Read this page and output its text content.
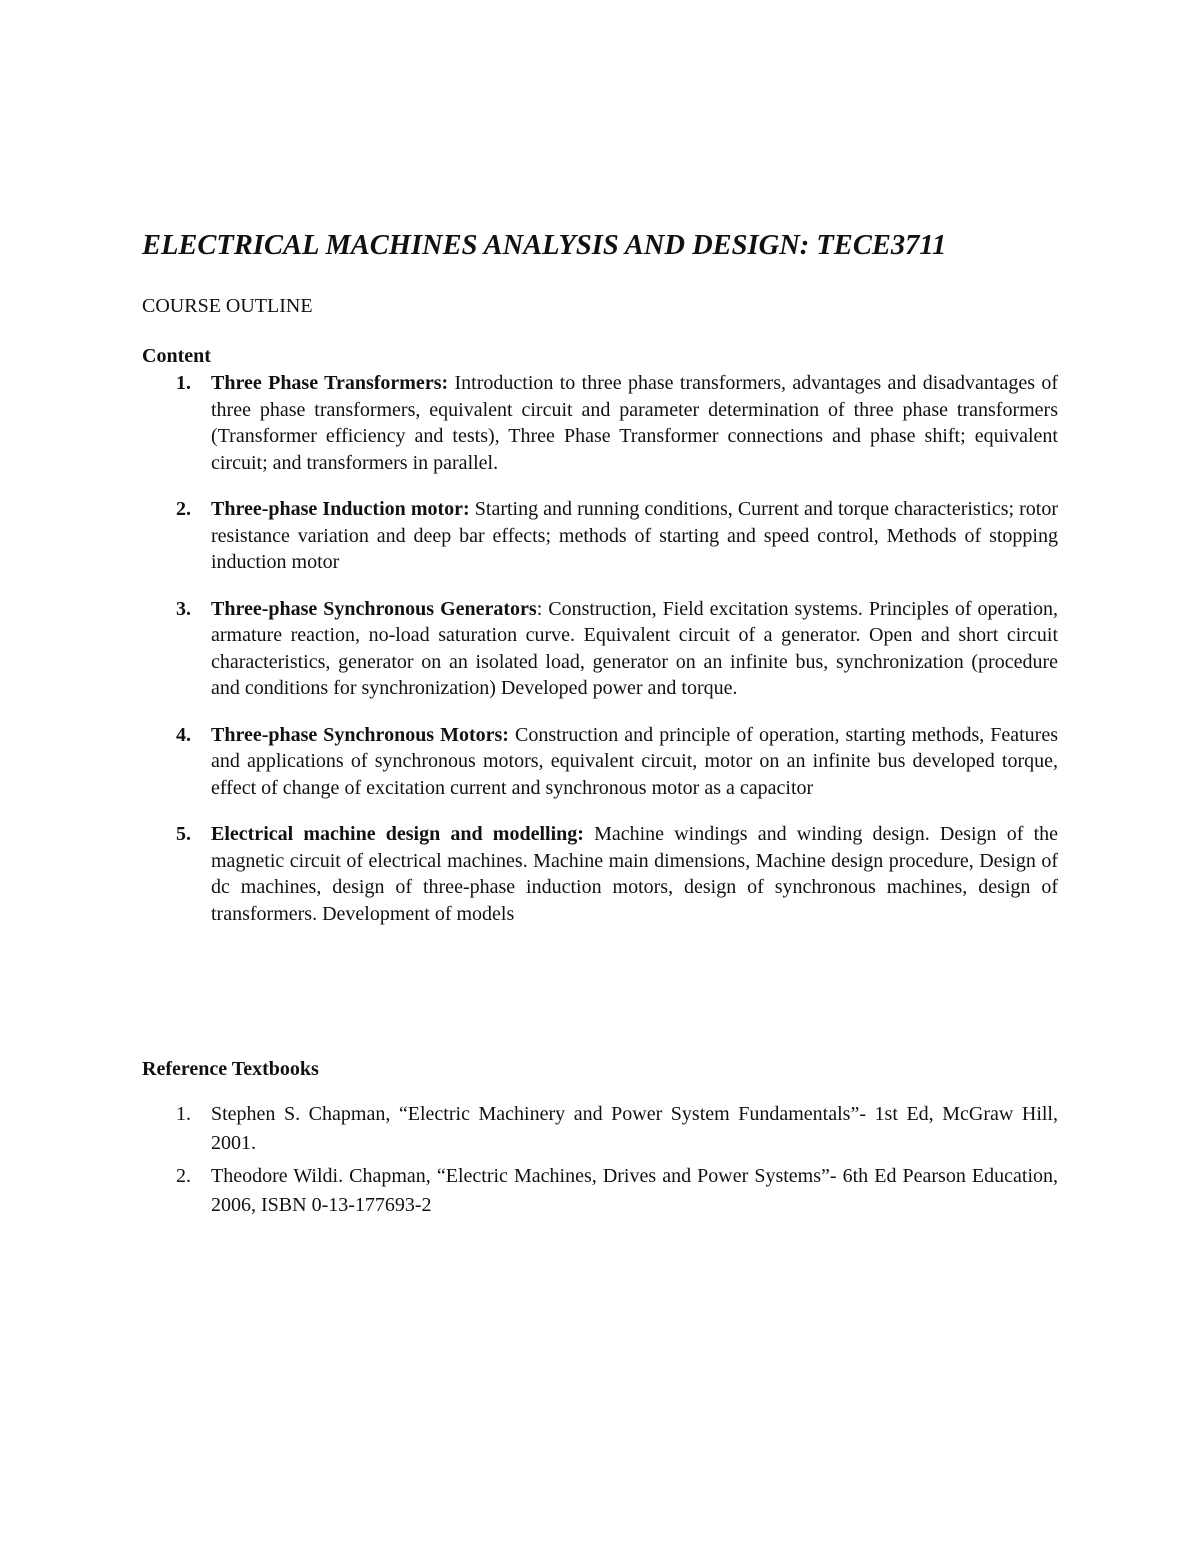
ELECTRICAL MACHINES ANALYSIS AND DESIGN: TECE3711
COURSE OUTLINE
Content
1. Three Phase Transformers: Introduction to three phase transformers, advantages and disadvantages of three phase transformers, equivalent circuit and parameter determination of three phase transformers (Transformer efficiency and tests), Three Phase Transformer connections and phase shift; equivalent circuit; and transformers in parallel.
2. Three-phase Induction motor: Starting and running conditions, Current and torque characteristics; rotor resistance variation and deep bar effects; methods of starting and speed control, Methods of stopping induction motor
3. Three-phase Synchronous Generators: Construction, Field excitation systems. Principles of operation, armature reaction, no-load saturation curve. Equivalent circuit of a generator. Open and short circuit characteristics, generator on an isolated load, generator on an infinite bus, synchronization (procedure and conditions for synchronization) Developed power and torque.
4. Three-phase Synchronous Motors: Construction and principle of operation, starting methods, Features and applications of synchronous motors, equivalent circuit, motor on an infinite bus developed torque, effect of change of excitation current and synchronous motor as a capacitor
5. Electrical machine design and modelling: Machine windings and winding design. Design of the magnetic circuit of electrical machines. Machine main dimensions, Machine design procedure, Design of dc machines, design of three-phase induction motors, design of synchronous machines, design of transformers. Development of models
Reference Textbooks
1. Stephen S. Chapman, “Electric Machinery and Power System Fundamentals”- 1st Ed, McGraw Hill, 2001.
2. Theodore Wildi. Chapman, “Electric Machines, Drives and Power Systems”- 6th Ed Pearson Education, 2006, ISBN 0-13-177693-2
